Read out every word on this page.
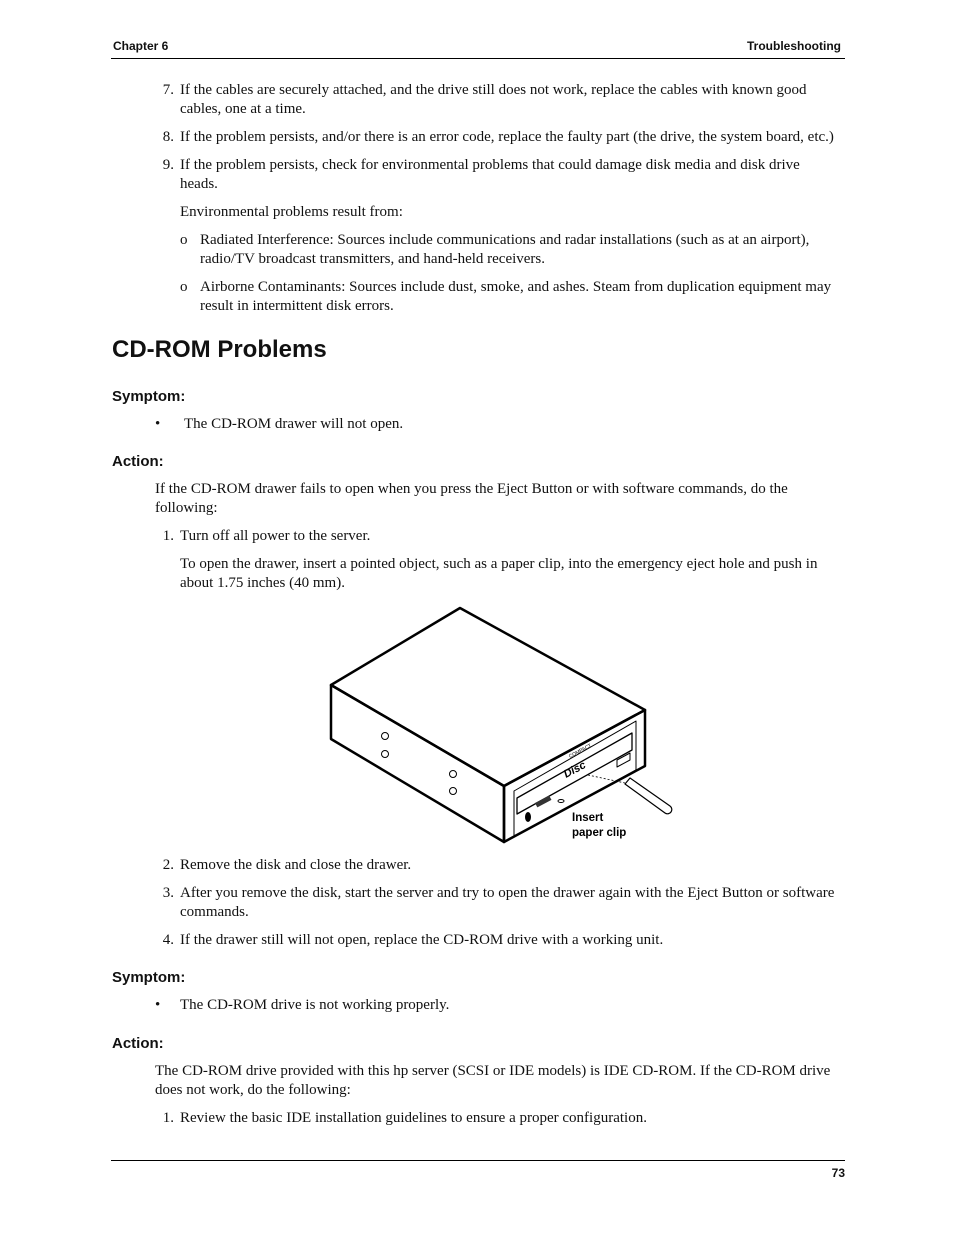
Chapter 6	Troubleshooting
7. If the cables are securely attached, and the drive still does not work, replace the cables with known good cables, one at a time.
8. If the problem persists, and/or there is an error code, replace the faulty part (the drive, the system board, etc.)
9. If the problem persists, check for environmental problems that could damage disk media and disk drive heads.
Environmental problems result from:
o Radiated Interference: Sources include communications and radar installations (such as at an airport), radio/TV broadcast transmitters, and hand-held receivers.
o Airborne Contaminants: Sources include dust, smoke, and ashes. Steam from duplication equipment may result in intermittent disk errors.
CD-ROM Problems
Symptom:
• The CD-ROM drawer will not open.
Action:
If the CD-ROM drawer fails to open when you press the Eject Button or with software commands, do the following:
1. Turn off all power to the server.
To open the drawer, insert a pointed object, such as a paper clip, into the emergency eject hole and push in about 1.75 inches (40 mm).
COMPACT
Disc
Insert
paper clip
2. Remove the disk and close the drawer.
3. After you remove the disk, start the server and try to open the drawer again with the Eject Button or software commands.
4. If the drawer still will not open, replace the CD-ROM drive with a working unit.
Symptom:
• The CD-ROM drive is not working properly.
Action:
The CD-ROM drive provided with this hp server (SCSI or IDE models) is IDE CD-ROM. If the CD-ROM drive does not work, do the following:
1. Review the basic IDE installation guidelines to ensure a proper configuration.
73
